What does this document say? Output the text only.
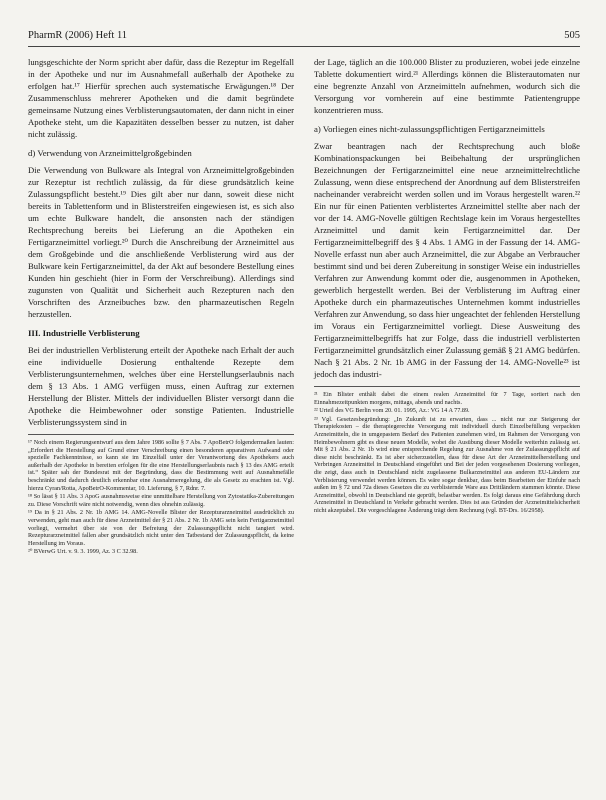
PharmR (2006) Heft 11	505

lungsgeschichte der Norm spricht aber dafür, dass die Rezeptur im Regelfall in der Apotheke und nur im Ausnahmefall außerhalb der Apotheke zu erfolgen hat.¹⁷ Hierfür sprechen auch systematische Erwägungen.¹⁸ Der Zusammenschluss mehrerer Apotheken und die damit begründete gemeinsame Nutzung eines Verblisterungsautomaten, der dann nicht in einer Apotheke steht, um die Kapazitäten desselben besser zu nutzen, ist daher nicht zulässig.

d) Verwendung von Arzneimittelgroßgebinden

Die Verwendung von Bulkware als Integral von Arzneimittelgroßgebinden zur Rezeptur ist rechtlich zulässig, da für diese grundsätzlich keine Zulassungspflicht besteht.¹⁹ Dies gilt aber nur dann, soweit diese nicht bereits in Tablettenform und in Blisterstreifen eingewiesen ist, es sich also um echte Bulkware handelt, die ansonsten nach der ständigen Rechtsprechung bereits bei Lieferung an die Apotheken ein Fertigarzneimittel vorliegt.²⁰ Durch die Anschreibung der Arzneimittel aus dem Großgebinde und die anschließende Verblisterung wird aus der Bulkware kein Fertigarzneimittel, da der Akt auf besondere Bestellung eines Kunden hin geschieht (hier in Form der Verschreibung). Allerdings sind zugunsten von Qualität und Sicherheit auch Rezepturen nach den Vorschriften des Arzneibuches bzw. den pharmazeutischen Regeln herzustellen.

III. Industrielle Verblisterung

Bei der industriellen Verblisterung erteilt der Apotheke nach Erhalt der auch eine individuelle Dosierung enthaltende Rezepte dem Verblisterungsunternehmen, welches über eine Herstellungserlaubnis nach dem § 13 Abs. 1 AMG verfügen muss, einen Auftrag zur externen Herstellung der Blister. Mittels der individuellen Blister versorgt dann die Apotheke die Heimbewohner oder sonstige Patienten. Industrielle Verblisterungssystem sind in

¹⁷ Noch einem Regierungsentwurf aus dem Jahre 1986 sollte § 7 Abs. 7 ApoBetrO folgendermaßen lauten: „Erfordert die Herstellung auf Grund einer Verschreibung einen besonderen apparativen Aufwand oder spezielle Fachkenntnisse, so kann sie im Einzelfall unter der Verantwortung des Apothekers auch außerhalb der Apotheke in bereiten erfolgen für die eine Herstellungserlaubnis nach § 13 des AMG erteilt ist.“ Später sah der Bundesrat mit der Begründung, dass die Bestimmung weit auf Ausnahmefälle beschränkt und dadurch deutlich erkennbar eine Ausnahmeregelung, die als Gesetz zu erachten ist. Vgl. hierzu Cyran/Rotta, ApoBetrO-Kommentar, 10. Lieferung, § 7, Rdnr. 7.

¹⁸ So lässt § 11 Abs. 3 ApoG ausnahmsweise eine unmittelbare Herstellung von Zytostatika-Zubereitungen zu. Diese Vorschrift wäre nicht notwendig, wenn dies ohnehin zulässig.

¹⁹ Da in § 21 Abs. 2 Nr. 1b AMG 14. AMG-Novelle Blister der Rezepturarzneimittel ausdrücklich zu verwenden, geht man auch für diese Arzneimittel der § 21 Abs. 2 Nr. 1b AMG sein kein Fertigarzneimittel vorliegt, vermehrt über sie von der Befreiung der Zulassungspflicht nicht tangiert wird. Rezepturarzneimittel fallen aber grundsätzlich nicht unter den Tatbestand der Zulassungspflicht, da keine Herstellung im Voraus.

²⁰ BVerwG Urt. v. 9. 3. 1999, Az. 3 C 32.98.

der Lage, täglich an die 100.000 Blister zu produzieren, wobei jede einzelne Tablette dokumentiert wird.²¹ Allerdings können die Blisterautomaten nur eine begrenzte Anzahl von Arzneimitteln aufnehmen, wodurch sich die Versorgung vor vornherein auf eine bestimmte Patientengruppe konzentrieren muss.

a) Vorliegen eines nicht-zulassungspflichtigen Fertigarzneimittels

Zwar beantragen nach der Rechtsprechung auch bloße Kombinationspackungen bei Beibehaltung der ursprünglichen Bezeichnungen der Fertigarzneimittel eine neue arzneimittelrechtliche Zulassung, wenn diese entsprechend der Anordnung auf dem Blisterstreifen nacheinander verabreicht werden sollen und im Voraus hergestellt waren.²² Ein nur für einen Patienten verblistertes Arzneimittel stellte aber nach der vor der 14. AMG-Novelle gültigen Rechtslage kein im Voraus hergestelltes Arzneimittel und damit kein Fertigarzneimittel dar. Der Fertigarzneimittelbegriff des § 4 Abs. 1 AMG in der Fassung der 14. AMG-Novelle erfasst nun aber auch Arzneimittel, die zur Abgabe an Verbraucher bestimmt sind und bei deren Zubereitung in sonstiger Weise ein industrielles Verfahren zur Anwendung kommt oder die, ausgenommen in Apotheken, gewerblich hergestellt werden. Bei der Verblisterung im Auftrag einer Apotheke durch ein pharmazeutisches Unternehmen kommt industrielles Verfahren zur Anwendung, so dass hier ungeachtet der fehlenden Herstellung im Voraus ein Fertigarzneimittel vorliegt. Diese Ausweitung des Fertigarzneimittelbegriffs hat zur Folge, dass die industriell verblisterten Fertigarzneimittel grundsätzlich einer Zulassung gemäß § 21 AMG bedürfen. Nach § 21 Abs. 2 Nr. 1b AMG in der Fassung der 14. AMG-Novelle²³ ist jedoch das industri-

²¹ Ein Blister enthält dabei die einem realen Arzneimittel für 7 Tage, sortiert nach den Einnahmezeitpunkten morgens, mittags, abends und nachts.

²² Urteil des VG Berlin vom 20. 01. 1995, Az.: VG 14 A 77.89.

²³ Vgl. Gesetzesbegründung: „In Zukunft ist zu erwarten, dass ... nicht nur zur Steigerung der Therapiekosten – die therapiegerechte Versorgung mit individuell durch Einzelbefüllung verpackten Arzneimitteln, die in umgepastem Bedarf des Patienten zunehmen wird, im Rahmen der Versorgung von Heimbewohnern gibt es diese neuen Modelle, wobei die Ausübung dieser Modelle weiterhin zulässig sei. Mit § 21 Abs. 2 Nr. 1b wird eine entsprechende Regelung zur Ausnahme von der Zulassungspflicht auf diese nicht beschränkt. Es ist aber sicherzustellen, dass für diese Art der Arzneimittelherstellung und Verbringen Arzneimittel in Deutschland eingeführt und Bei der jeden vorgesehenen Dosierung vorliegen, die zeigt, dass auch in Deutschland nicht zugelassene Bulkarzneimittel aus anderen EU-Ländern zur Verblisterung verwendet werden können. Es wäre sogar denkbar, dass beim Bearbeiten der Einfuhr nach außen im § 72 und 72a dieses Gesetzes die zu verblisternde Ware aus Drittländern stammen könnte. Diese Arzneimittel, obwohl in Deutschland nie geprüft, belastbar werden. Es folgt daraus eine Gefährdung durch Arzneimittel in Deutschland in Verkehr gebracht werden. Dies ist aus Gründen der Arzneimittelsicherheit nicht akzeptabel. Die vorgeschlagene Änderung trägt dem Rechnung (vgl. BT-Drs. 16/2958).
